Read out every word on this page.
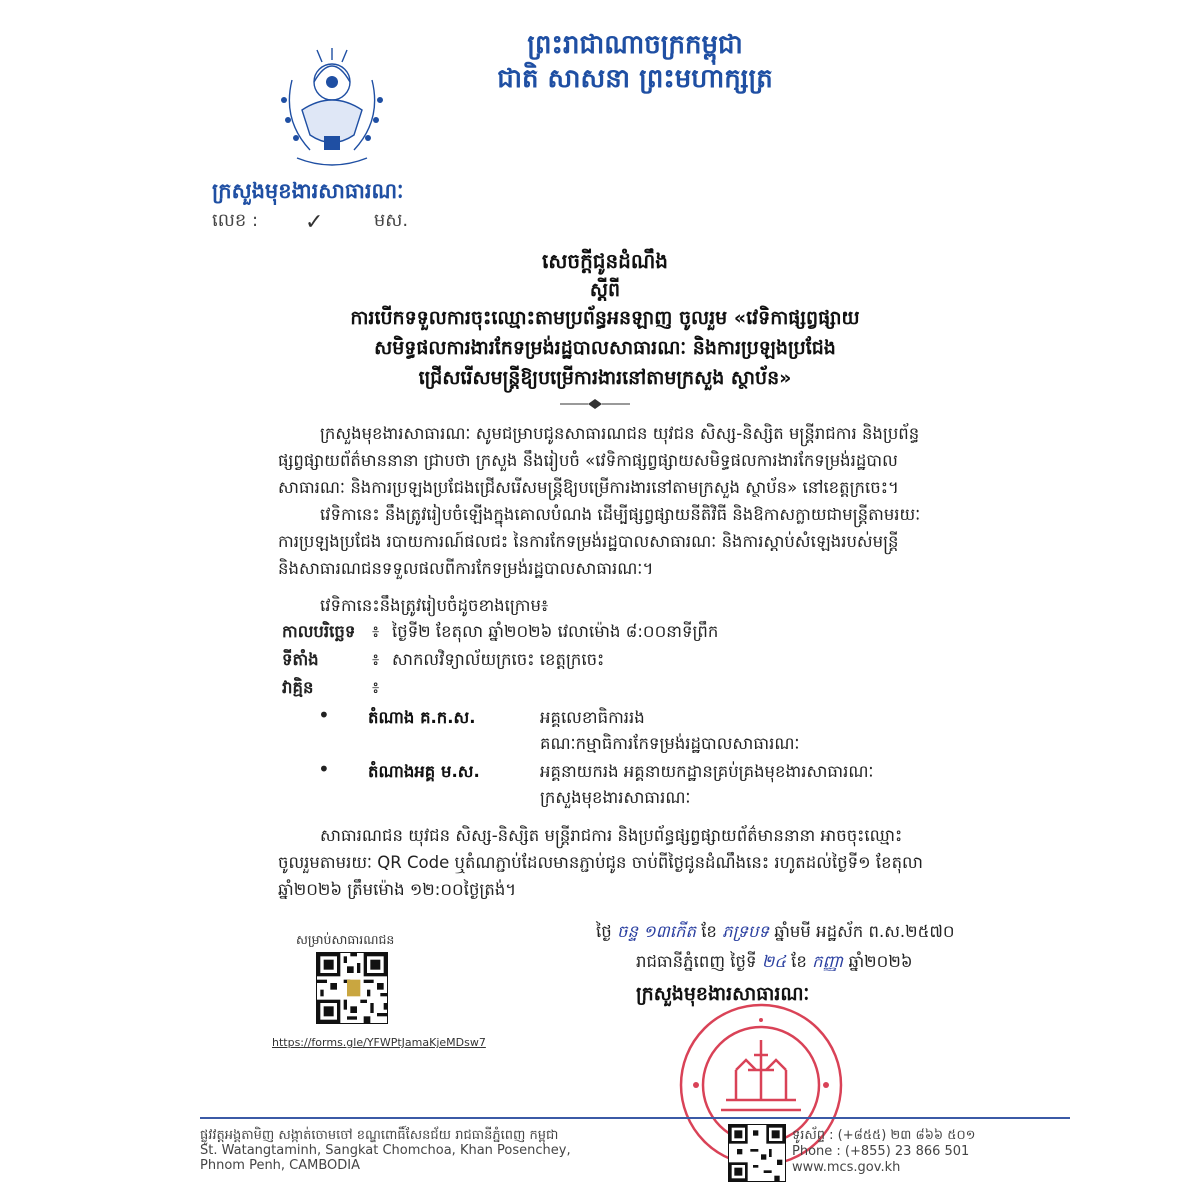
ព្រះរាជាណាចក្រកម្ពុជា
ជាតិ សាសនា ព្រះមហាក្សត្រ
ក្រសួងមុខងារសាធារណៈ
លេខ :	មស.
✓
សេចក្តីជូនដំណឹង
ស្តីពី
ការបើកទទួលការចុះឈ្មោះតាមប្រព័ន្ធអនឡាញ ចូលរួម «វេទិកាផ្សព្វផ្សាយ
សមិទ្ធផលការងារកែទម្រង់រដ្ឋបាលសាធារណៈ និងការប្រឡងប្រជែង
ជ្រើសរើសមន្ត្រីឱ្យបម្រើការងារនៅតាមក្រសួង ស្ថាប័ន»
ក្រសួងមុខងារសាធារណៈ សូមជម្រាបជូនសាធារណជន យុវជន សិស្ស-និស្សិត មន្ត្រីរាជការ និងប្រព័ន្ធ
ផ្សព្វផ្សាយព័ត៌មាននានា ជ្រាបថា ក្រសួង នឹងរៀបចំ «វេទិកាផ្សព្វផ្សាយសមិទ្ធផលការងារកែទម្រង់រដ្ឋបាល
សាធារណៈ និងការប្រឡងប្រជែងជ្រើសរើសមន្ត្រីឱ្យបម្រើការងារនៅតាមក្រសួង ស្ថាប័ន» នៅខេត្តក្រចេះ។
វេទិកានេះ នឹងត្រូវរៀបចំឡើងក្នុងគោលបំណង ដើម្បីផ្សព្វផ្សាយនីតិវិធី និងឱកាសក្លាយជាមន្ត្រីតាមរយៈ
ការប្រឡងប្រជែង របាយការណ៍ផលជះ នៃការកែទម្រង់រដ្ឋបាលសាធារណៈ និងការស្តាប់សំឡេងរបស់មន្ត្រី
និងសាធារណជនទទួលផលពីការកែទម្រង់រដ្ឋបាលសាធារណៈ។
វេទិកានេះនឹងត្រូវរៀបចំដូចខាងក្រោម៖
កាលបរិច្ឆេទ ៖ ថ្ងៃទី២ ខែតុលា ឆ្នាំ២០២៦ វេលាម៉ោង ៨:០០នាទីព្រឹក
ទីតាំង	៖ សាកលវិទ្យាល័យក្រចេះ ខេត្តក្រចេះ
វាគ្មិន	៖
• តំណាង គ.ក.ស.	អគ្គលេខាធិការរង
គណៈកម្មាធិការកែទម្រង់រដ្ឋបាលសាធារណៈ
• តំណាងអគ្គ ម.ស.	អគ្គនាយករង អគ្គនាយកដ្ឋានគ្រប់គ្រងមុខងារសាធារណៈ
ក្រសួងមុខងារសាធារណៈ
សាធារណជន យុវជន សិស្ស-និស្សិត មន្ត្រីរាជការ និងប្រព័ន្ធផ្សព្វផ្សាយព័ត៌មាននានា អាចចុះឈ្មោះ
ចូលរួមតាមរយៈ QR Code ឬតំណភ្ជាប់ដែលមានភ្ជាប់ជូន ចាប់ពីថ្ងៃជូនដំណឹងនេះ រហូតដល់ថ្ងៃទី១ ខែតុលា
ឆ្នាំ២០២៦ ត្រឹមម៉ោង ១២:០០ថ្ងៃត្រង់។
សម្រាប់សាធារណជន
https://forms.gle/YFWPtJamaKjeMDsw7
ថ្ងៃ ចន្ទ ១៣កើត ខែ ភទ្របទ ឆ្នាំមមី អដ្ឋស័ក ព.ស.២៥៧០
រាជធានីភ្នំពេញ ថ្ងៃទី ២៤ ខែ កញ្ញា ឆ្នាំ២០២៦
ក្រសួងមុខងារសាធារណៈ
ផ្លូវវត្តអង្គតាមិញ សង្កាត់ចោមចៅ ខណ្ឌពោធិ៍សែនជ័យ រាជធានីភ្នំពេញ កម្ពុជា
St. Watangtaminh, Sangkat Chomchoa, Khan Posenchey,
Phnom Penh, CAMBODIA
ទូរស័ព្ទ : (+៨៥៥) ២៣ ៨៦៦ ៥០១
Phone : (+855) 23 866 501
www.mcs.gov.kh
